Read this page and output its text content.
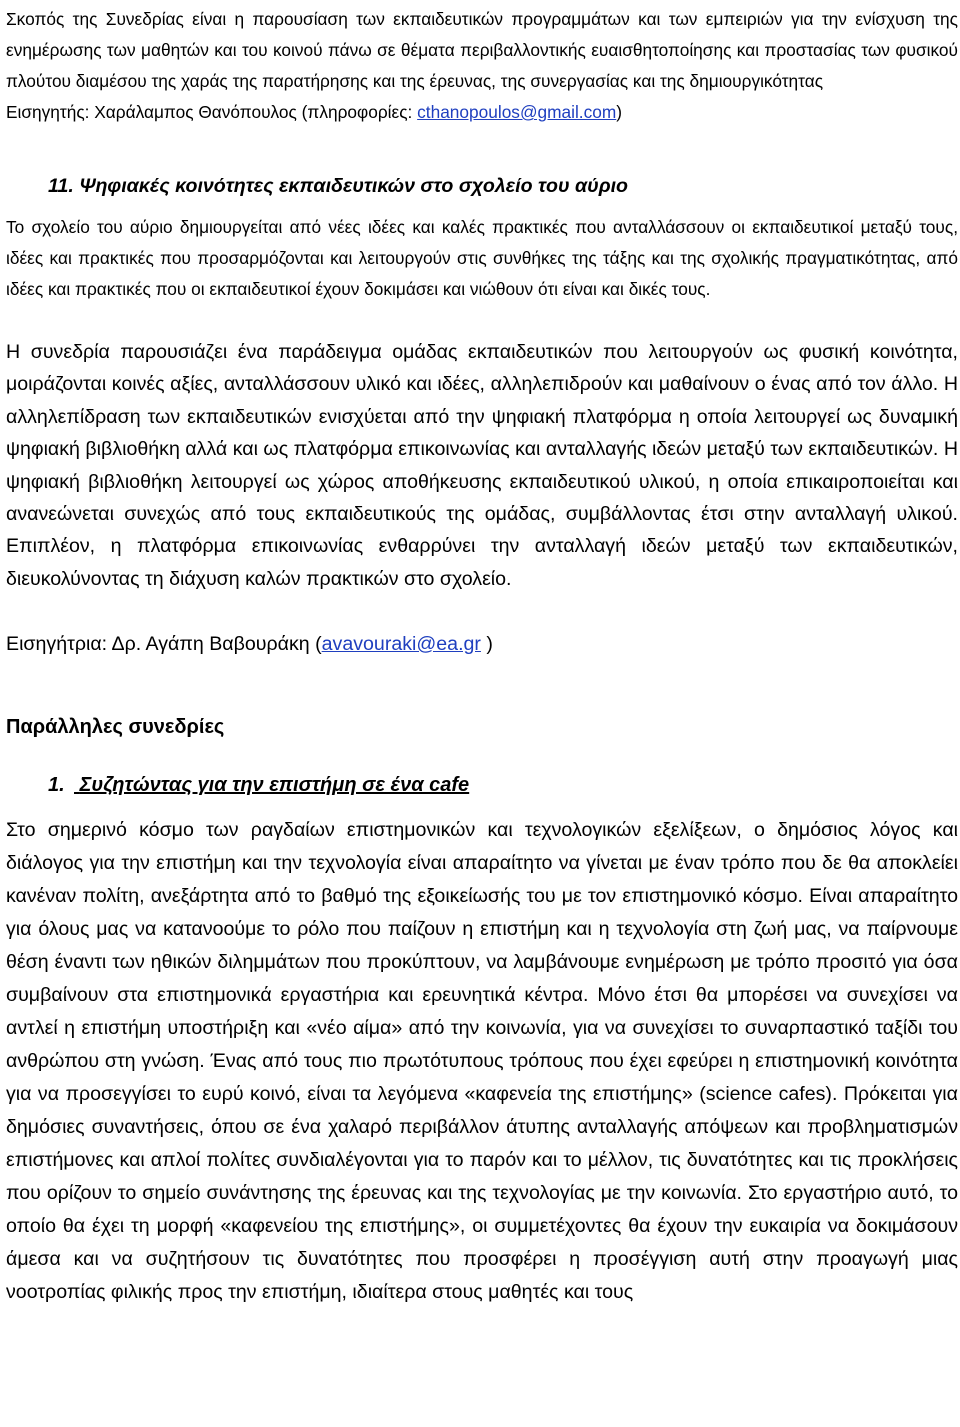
Σκοπός της Συνεδρίας είναι η παρουσίαση των εκπαιδευτικών προγραμμάτων και των εμπειριών για την ενίσχυση της ενημέρωσης των μαθητών και του κοινού πάνω σε θέματα περιβαλλοντικής ευαισθητοποίησης και προστασίας των φυσικού πλούτου διαμέσου της χαράς της παρατήρησης και της έρευνας, της συνεργασίας και της δημιουργικότητας

Εισηγητής: Χαράλαμπος Θανόπουλος (πληροφορίες: cthanopoulos@gmail.com)

11. Ψηφιακές κοινότητες εκπαιδευτικών στο σχολείο του αύριο

Το σχολείο του αύριο δημιουργείται από νέες ιδέες και καλές πρακτικές που ανταλλάσσουν οι εκπαιδευτικοί μεταξύ τους, ιδέες και πρακτικές που προσαρμόζονται και λειτουργούν στις συνθήκες της τάξης και της σχολικής πραγματικότητας, από ιδέες και πρακτικές που οι εκπαιδευτικοί έχουν δοκιμάσει και νιώθουν ότι είναι και δικές τους.

Η συνεδρία παρουσιάζει ένα παράδειγμα ομάδας εκπαιδευτικών που λειτουργούν ως φυσική κοινότητα, μοιράζονται κοινές αξίες, ανταλλάσσουν υλικό και ιδέες, αλληλεπιδρούν και μαθαίνουν ο ένας από τον άλλο. Η αλληλεπίδραση των εκπαιδευτικών ενισχύεται από την ψηφιακή πλατφόρμα η οποία λειτουργεί ως δυναμική ψηφιακή βιβλιοθήκη αλλά και ως πλατφόρμα επικοινωνίας και ανταλλαγής ιδεών μεταξύ των εκπαιδευτικών. Η ψηφιακή βιβλιοθήκη λειτουργεί ως χώρος αποθήκευσης εκπαιδευτικού υλικού, η οποία επικαιροποιείται και ανανεώνεται συνεχώς από τους εκπαιδευτικούς της ομάδας, συμβάλλοντας έτσι στην ανταλλαγή υλικού. Επιπλέον, η πλατφόρμα επικοινωνίας ενθαρρύνει την ανταλλαγή ιδεών μεταξύ των εκπαιδευτικών, διευκολύνοντας τη διάχυση καλών πρακτικών στο σχολείο.

Εισηγήτρια: Δρ. Αγάπη Βαβουράκη (avavouraki@ea.gr )
Παράλληλες συνεδρίες
1. Συζητώντας για την επιστήμη σε ένα cafe

Στο σημερινό κόσμο των ραγδαίων επιστημονικών και τεχνολογικών εξελίξεων, ο δημόσιος λόγος και διάλογος για την επιστήμη και την τεχνολογία είναι απαραίτητο να γίνεται με έναν τρόπο που δε θα αποκλείει κανέναν πολίτη, ανεξάρτητα από το βαθμό της εξοικείωσής του με τον επιστημονικό κόσμο. Είναι απαραίτητο για όλους μας να κατανοούμε το ρόλο που παίζουν η επιστήμη και η τεχνολογία στη ζωή μας, να παίρνουμε θέση έναντι των ηθικών διλημμάτων που προκύπτουν, να λαμβάνουμε ενημέρωση με τρόπο προσιτό για όσα συμβαίνουν στα επιστημονικά εργαστήρια και ερευνητικά κέντρα. Μόνο έτσι θα μπορέσει να συνεχίσει να αντλεί η επιστήμη υποστήριξη και «νέο αίμα» από την κοινωνία, για να συνεχίσει το συναρπαστικό ταξίδι του ανθρώπου στη γνώση. Ένας από τους πιο πρωτότυπους τρόπους που έχει εφεύρει η επιστημονική κοινότητα για να προσεγγίσει το ευρύ κοινό, είναι τα λεγόμενα «καφενεία της επιστήμης» (science cafes). Πρόκειται για δημόσιες συναντήσεις, όπου σε ένα χαλαρό περιβάλλον άτυπης ανταλλαγής απόψεων και προβληματισμών επιστήμονες και απλοί πολίτες συνδιαλέγονται για το παρόν και το μέλλον, τις δυνατότητες και τις προκλήσεις που ορίζουν το σημείο συνάντησης της έρευνας και της τεχνολογίας με την κοινωνία. Στο εργαστήριο αυτό, το οποίο θα έχει τη μορφή «καφενείου της επιστήμης», οι συμμετέχοντες θα έχουν την ευκαιρία να δοκιμάσουν άμεσα και να συζητήσουν τις δυνατότητες που προσφέρει η προσέγγιση αυτή στην προαγωγή μιας νοοτροπίας φιλικής προς την επιστήμη, ιδιαίτερα στους μαθητές και τους
